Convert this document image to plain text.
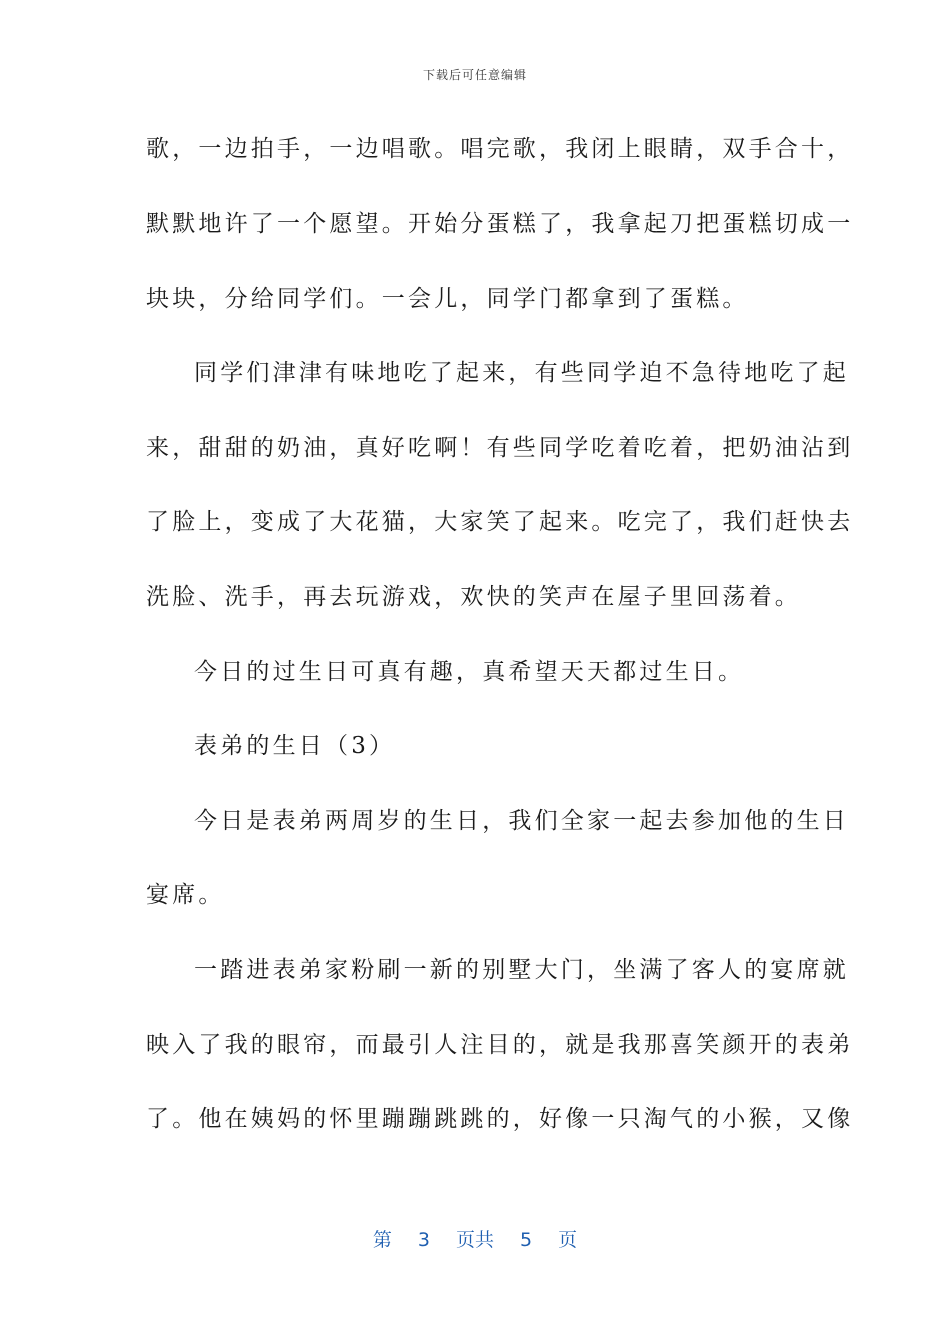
下载后可任意编辑
歌，一边拍手，一边唱歌。唱完歌，我闭上眼睛，双手合十，
默默地许了一个愿望。开始分蛋糕了，我拿起刀把蛋糕切成一
块块，分给同学们。一会儿，同学门都拿到了蛋糕。
同学们津津有味地吃了起来，有些同学迫不急待地吃了起
来，甜甜的奶油，真好吃啊！有些同学吃着吃着，把奶油沾到
了脸上，变成了大花猫，大家笑了起来。吃完了，我们赶快去
洗脸、洗手，再去玩游戏，欢快的笑声在屋子里回荡着。
今日的过生日可真有趣，真希望天天都过生日。
表弟的生日（3）
今日是表弟两周岁的生日，我们全家一起去参加他的生日
宴席。
一踏进表弟家粉刷一新的别墅大门，坐满了客人的宴席就
映入了我的眼帘，而最引人注目的，就是我那喜笑颜开的表弟
了。他在姨妈的怀里蹦蹦跳跳的，好像一只淘气的小猴，又像
第 3 页共 5 页
